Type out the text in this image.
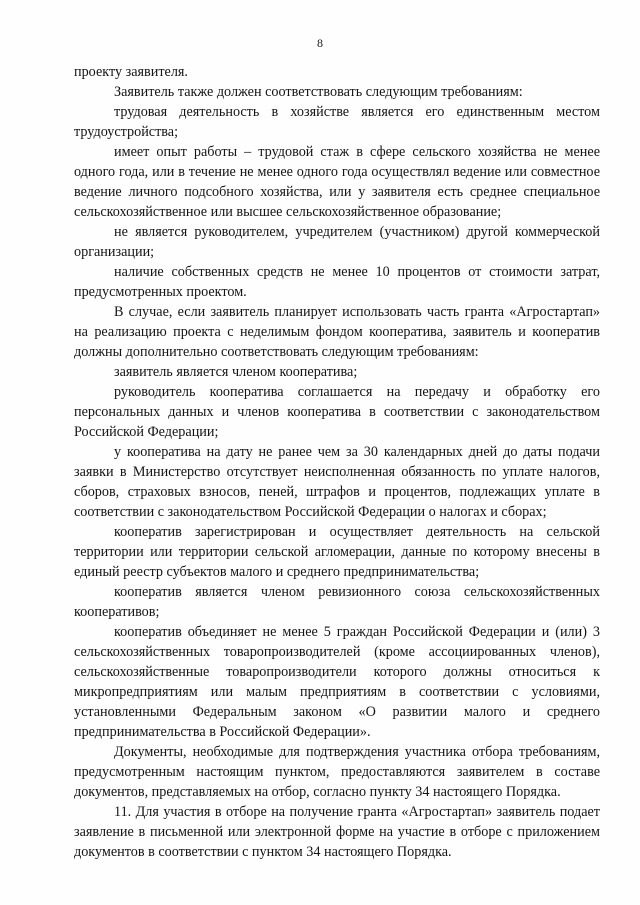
8

проекту заявителя.

Заявитель также должен соответствовать следующим требованиям:

трудовая деятельность в хозяйстве является его единственным местом трудоустройства;

имеет опыт работы – трудовой стаж в сфере сельского хозяйства не менее одного года, или в течение не менее одного года осуществлял ведение или совместное ведение личного подсобного хозяйства, или у заявителя есть среднее специальное сельскохозяйственное или высшее сельскохозяйственное образование;

не является руководителем, учредителем (участником) другой коммерческой организации;

наличие собственных средств не менее 10 процентов от стоимости затрат, предусмотренных проектом.

В случае, если заявитель планирует использовать часть гранта «Агростартап» на реализацию проекта с неделимым фондом кооператива, заявитель и кооператив должны дополнительно соответствовать следующим требованиям:

заявитель является членом кооператива;

руководитель кооператива соглашается на передачу и обработку его персональных данных и членов кооператива в соответствии с законодательством Российской Федерации;

у кооператива на дату не ранее чем за 30 календарных дней до даты подачи заявки в Министерство отсутствует неисполненная обязанность по уплате налогов, сборов, страховых взносов, пеней, штрафов и процентов, подлежащих уплате в соответствии с законодательством Российской Федерации о налогах и сборах;

кооператив зарегистрирован и осуществляет деятельность на сельской территории или территории сельской агломерации, данные по которому внесены в единый реестр субъектов малого и среднего предпринимательства;

кооператив является членом ревизионного союза сельскохозяйственных кооперативов;

кооператив объединяет не менее 5 граждан Российской Федерации и (или) 3 сельскохозяйственных товаропроизводителей (кроме ассоциированных членов), сельскохозяйственные товаропроизводители которого должны относиться к микропредприятиям или малым предприятиям в соответствии с условиями, установленными Федеральным законом «О развитии малого и среднего предпринимательства в Российской Федерации».

Документы, необходимые для подтверждения участника отбора требованиям, предусмотренным настоящим пунктом, предоставляются заявителем в составе документов, представляемых на отбор, согласно пункту 34 настоящего Порядка.

11. Для участия в отборе на получение гранта «Агростартап» заявитель подает заявление в письменной или электронной форме на участие в отборе с приложением документов в соответствии с пунктом 34 настоящего Порядка.
